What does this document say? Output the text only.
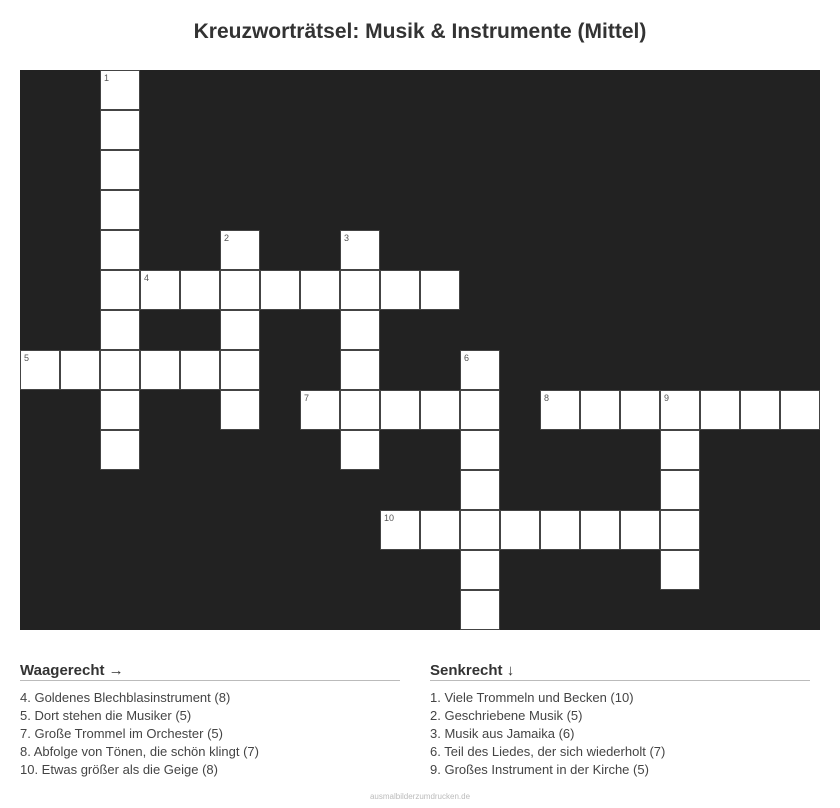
Kreuzworträtsel: Musik & Instrumente (Mittel)
1
2	3
4
5	6
7	8	9
10
Waagerecht →
4. Goldenes Blechblasinstrument (8)
5. Dort stehen die Musiker (5)
7. Große Trommel im Orchester (5)
8. Abfolge von Tönen, die schön klingt (7)
10. Etwas größer als die Geige (8)
Senkrecht ↓
1. Viele Trommeln und Becken (10)
2. Geschriebene Musik (5)
3. Musik aus Jamaika (6)
6. Teil des Liedes, der sich wiederholt (7)
9. Großes Instrument in der Kirche (5)
ausmalbilderzumdrucken.de
